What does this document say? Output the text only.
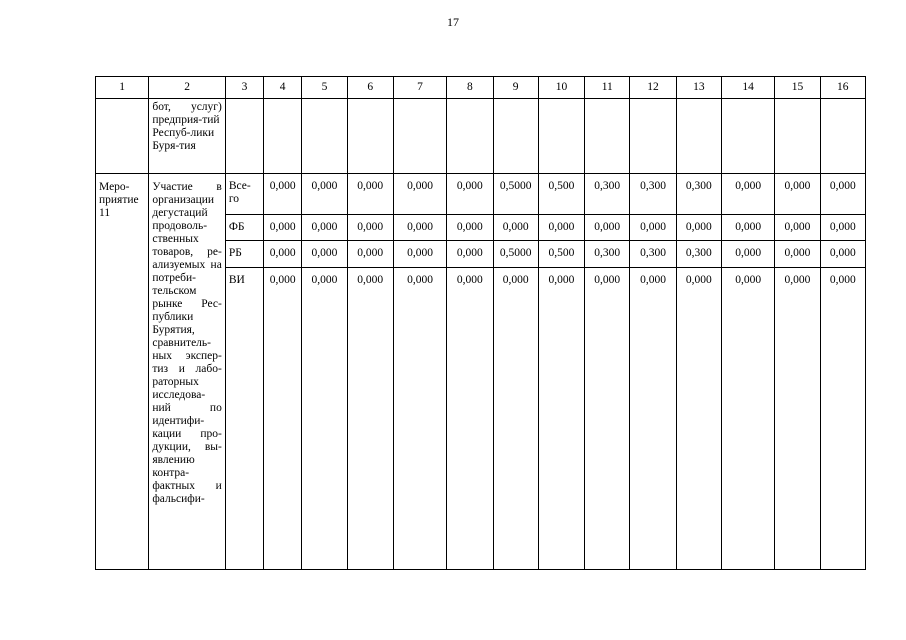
17
1	2	3	4	5	6	7	8	9	10	11	12	13	14	15	16
	бот, услуг) предприя-тий Респуб-лики Буря-тия														
Меро-приятие 11	Участие в организации дегустаций продоволь-ственных товаров, ре-ализуемых на потреби-тельском рынке Рес-публики Бурятия, сравнитель-ных экспер-тиз и лабо-раторных исследова-ний по идентифи-кации про-дукции, вы-явлению контра-фактных и фальсифи-	Все-го	0,000	0,000	0,000	0,000	0,000	0,5000	0,500	0,300	0,300	0,300	0,000	0,000	0,000
		ФБ	0,000	0,000	0,000	0,000	0,000	0,000	0,000	0,000	0,000	0,000	0,000	0,000	0,000
		РБ	0,000	0,000	0,000	0,000	0,000	0,5000	0,500	0,300	0,300	0,300	0,000	0,000	0,000
		ВИ	0,000	0,000	0,000	0,000	0,000	0,000	0,000	0,000	0,000	0,000	0,000	0,000	0,000
